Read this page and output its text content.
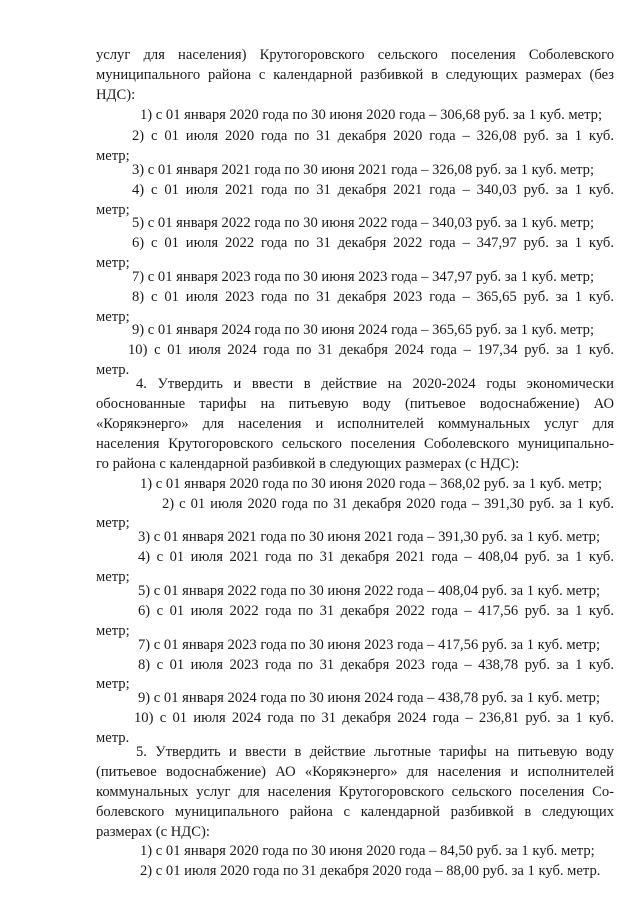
услуг для населения) Крутогоровского сельского поселения Соболевского
муниципального района с календарной разбивкой в следующих размерах (без
НДС):
1) с 01 января 2020 года по 30 июня 2020 года – 306,68 руб. за 1 куб. метр;
2) с 01 июля 2020 года по 31 декабря 2020 года – 326,08 руб. за 1 куб.
метр;
3) с 01 января 2021 года по 30 июня 2021 года – 326,08 руб. за 1 куб. метр;
4) с 01 июля 2021 года по 31 декабря 2021 года – 340,03 руб. за 1 куб.
метр;
5) с 01 января 2022 года по 30 июня 2022 года – 340,03 руб. за 1 куб. метр;
6) с 01 июля 2022 года по 31 декабря 2022 года – 347,97 руб. за 1 куб.
метр;
7) с 01 января 2023 года по 30 июня 2023 года – 347,97 руб. за 1 куб. метр;
8) с 01 июля 2023 года по 31 декабря 2023 года – 365,65 руб. за 1 куб.
метр;
9) с 01 января 2024 года по 30 июня 2024 года – 365,65 руб. за 1 куб. метр;
10) с 01 июля 2024 года по 31 декабря 2024 года – 197,34 руб. за 1 куб.
метр.
4. Утвердить и ввести в действие на 2020-2024 годы экономически
обоснованные тарифы на питьевую воду (питьевое водоснабжение) АО
«Корякэнерго» для населения и исполнителей коммунальных услуг для
населения Крутогоровского сельского поселения Соболевского муниципально-
го района с календарной разбивкой в следующих размерах (с НДС):
1) с 01 января 2020 года по 30 июня 2020 года – 368,02 руб. за 1 куб. метр;
2) с 01 июля 2020 года по 31 декабря 2020 года – 391,30 руб. за 1 куб.
метр;
3) с 01 января 2021 года по 30 июня 2021 года – 391,30 руб. за 1 куб. метр;
4) с 01 июля 2021 года по 31 декабря 2021 года – 408,04 руб. за 1 куб.
метр;
5) с 01 января 2022 года по 30 июня 2022 года – 408,04 руб. за 1 куб. метр;
6) с 01 июля 2022 года по 31 декабря 2022 года – 417,56 руб. за 1 куб.
метр;
7) с 01 января 2023 года по 30 июня 2023 года – 417,56 руб. за 1 куб. метр;
8) с 01 июля 2023 года по 31 декабря 2023 года – 438,78 руб. за 1 куб.
метр;
9) с 01 января 2024 года по 30 июня 2024 года – 438,78 руб. за 1 куб. метр;
10) с 01 июля 2024 года по 31 декабря 2024 года – 236,81 руб. за 1 куб.
метр.
5. Утвердить и ввести в действие льготные тарифы на питьевую воду
(питьевое водоснабжение) АО «Корякэнерго» для населения и исполнителей
коммунальных услуг для населения Крутогоровского сельского поселения Со-
болевского муниципального района с календарной разбивкой в следующих
размерах (с НДС):
1) с 01 января 2020 года по 30 июня 2020 года – 84,50 руб. за 1 куб. метр;
2) с 01 июля 2020 года по 31 декабря 2020 года – 88,00 руб. за 1 куб. метр.
